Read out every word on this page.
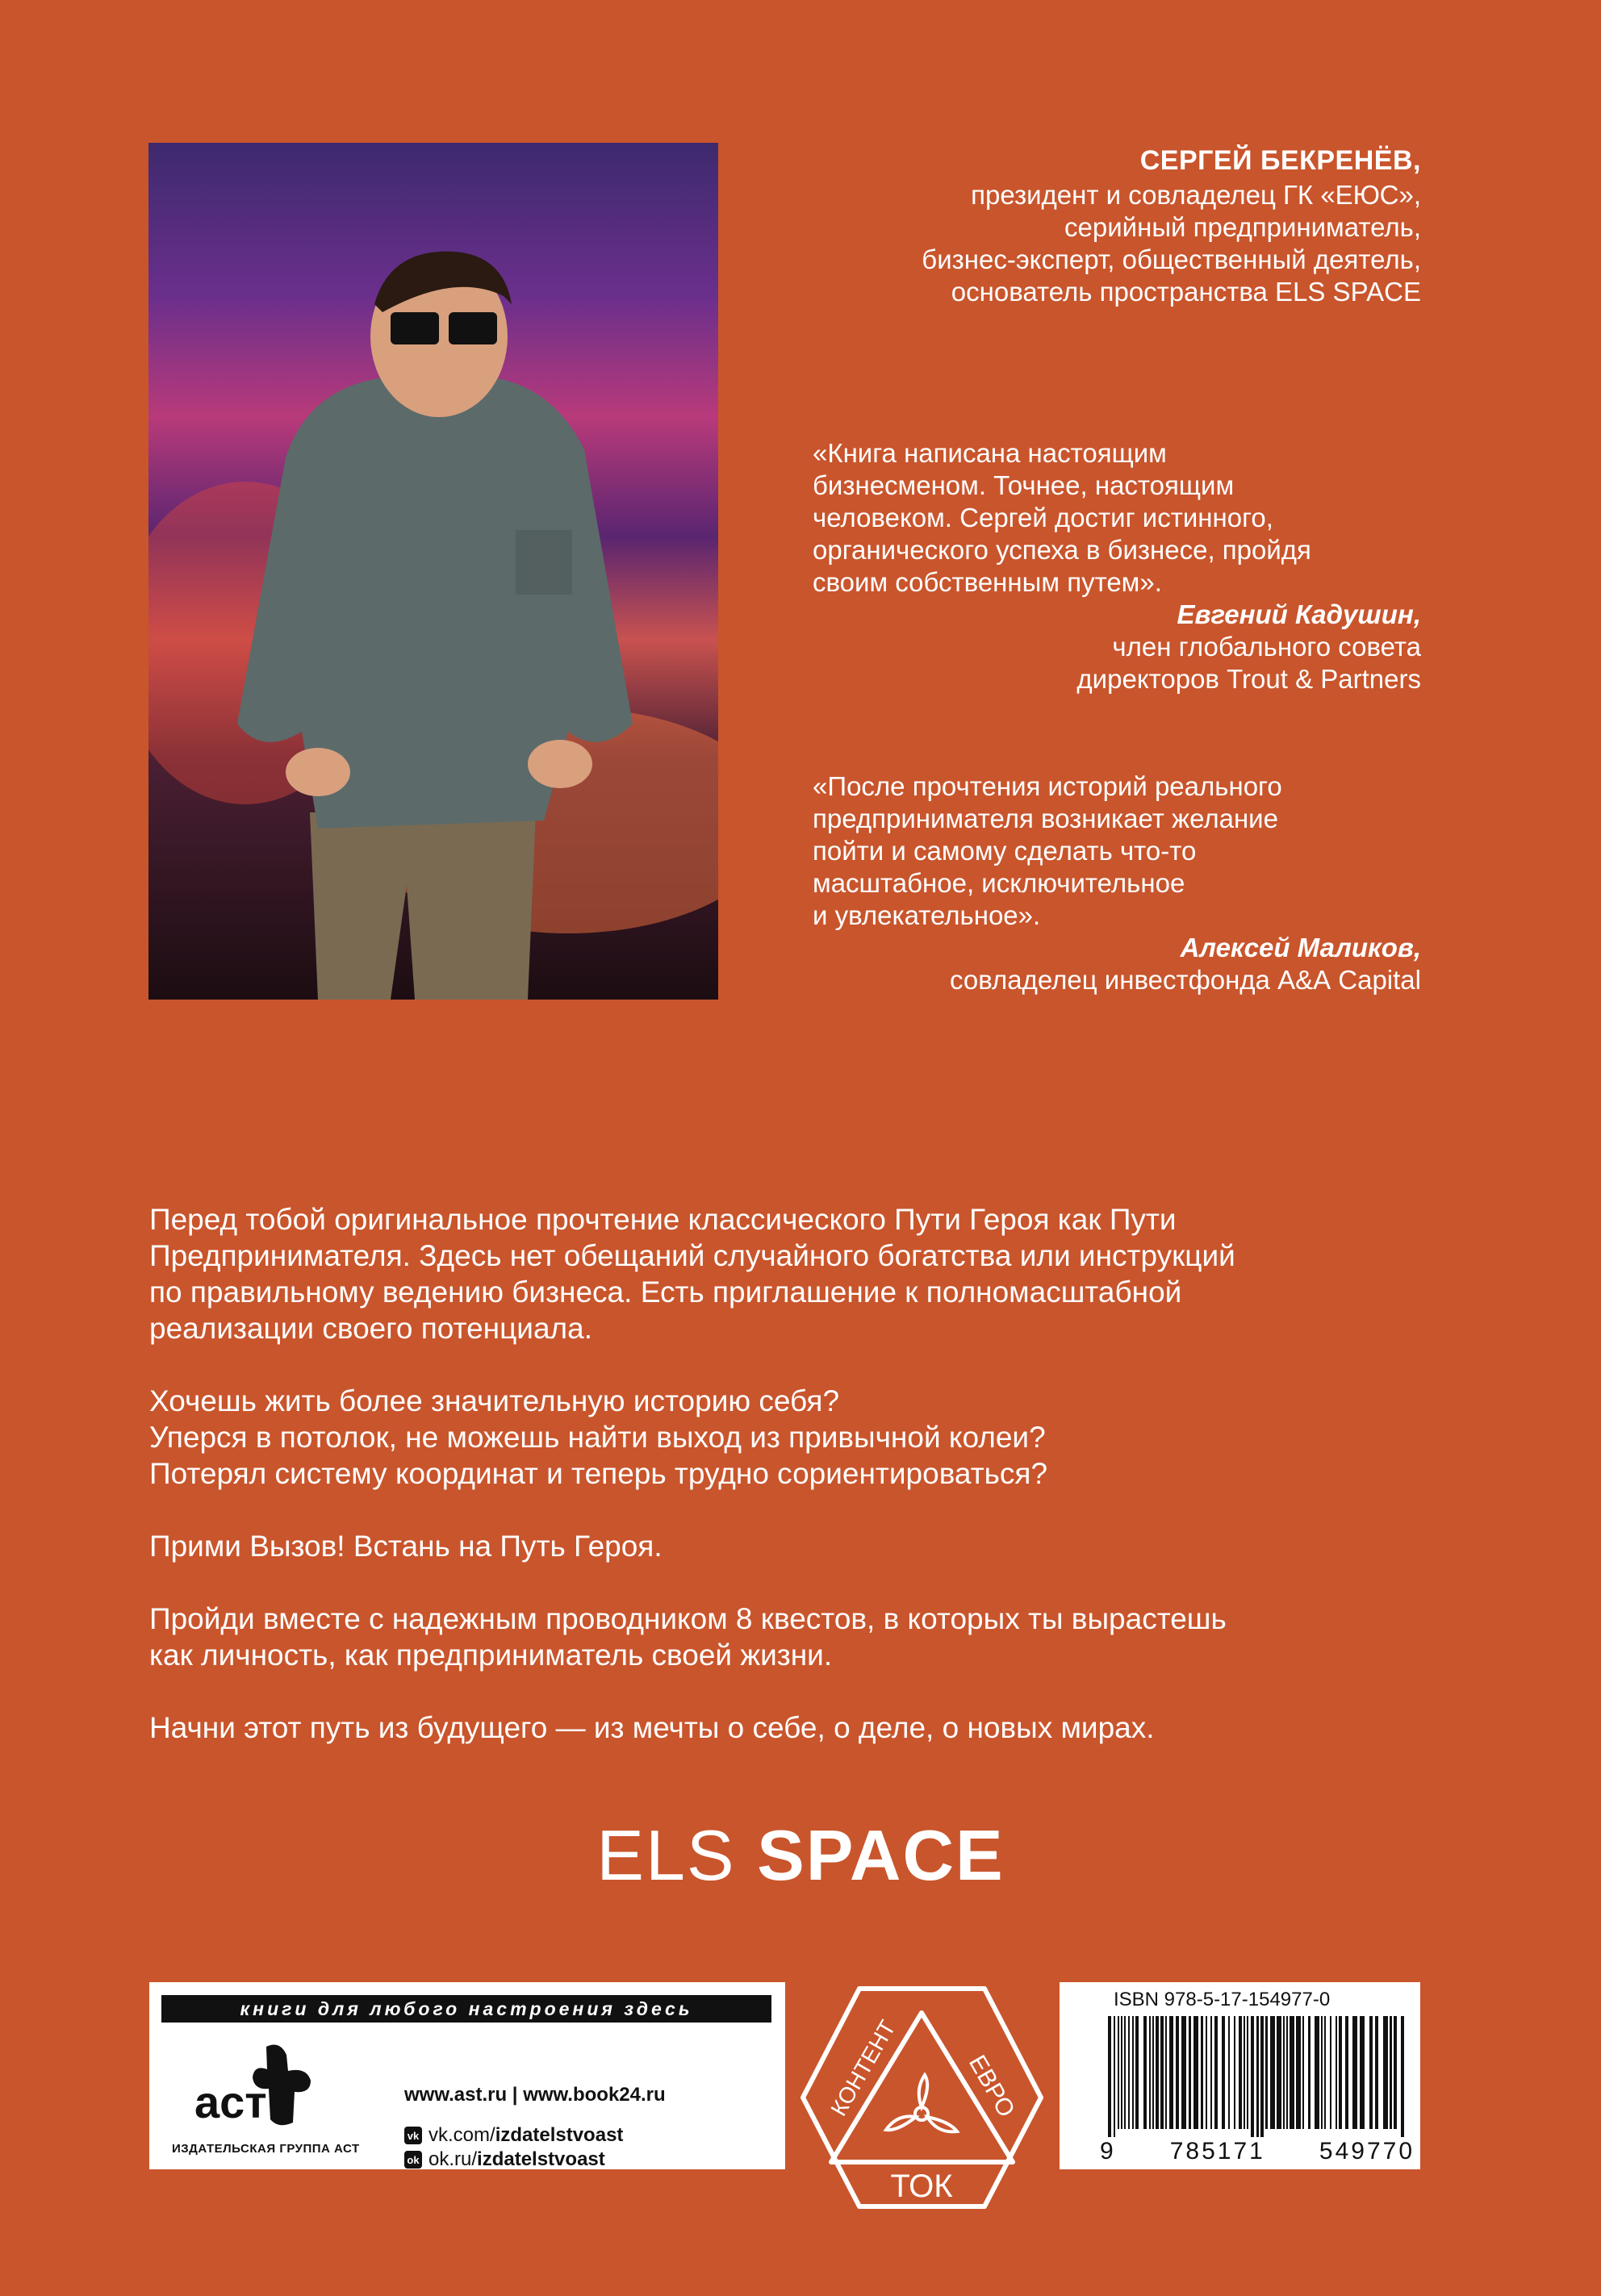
СЕРГЕЙ БЕКРЕНЁВ,
президент и совладелец ГК «ЕЮС»,
серийный предприниматель,
бизнес-эксперт, общественный деятель,
основатель пространства ELS SPACE
«Книга написана настоящим
бизнесменом. Точнее, настоящим
человеком. Сергей достиг истинного,
органического успеха в бизнесе, пройдя
своим собственным путем».
Евгений Кадушин,
член глобального совета
директоров Trout & Partners
«После прочтения историй реального
предпринимателя возникает желание
пойти и самому сделать что-то
масштабное, исключительное
и увлекательное».
Алексей Маликов,
совладелец инвестфонда А&А Capital

Перед тобой оригинальное прочтение классического Пути Героя как Пути
Предпринимателя. Здесь нет обещаний случайного богатства или инструкций
по правильному ведению бизнеса. Есть приглашение к полномасштабной
реализации своего потенциала.

Хочешь жить более значительную историю себя?
Уперся в потолок, не можешь найти выход из привычной колеи?
Потерял систему координат и теперь трудно сориентироваться?

Прими Вызов! Встань на Путь Героя.

Пройди вместе с надежным проводником 8 квестов, в которых ты вырастешь
как личность, как предприниматель своей жизни.

Начни этот путь из будущего — из мечты о себе, о деле, о новых мирах.

ELS SPACE
книги для любого настроения здесь
аст
ИЗДАТЕЛЬСКАЯ ГРУППА АСТ
www.ast.ru | www.book24.ru
vk vk.com/ izdatelstvoast
ok ok.ru/ izdatelstvoast
ЕВРО
КОНТЕНТ
ТОК
ISBN 978-5-17-154977-0
9 785171 549770
